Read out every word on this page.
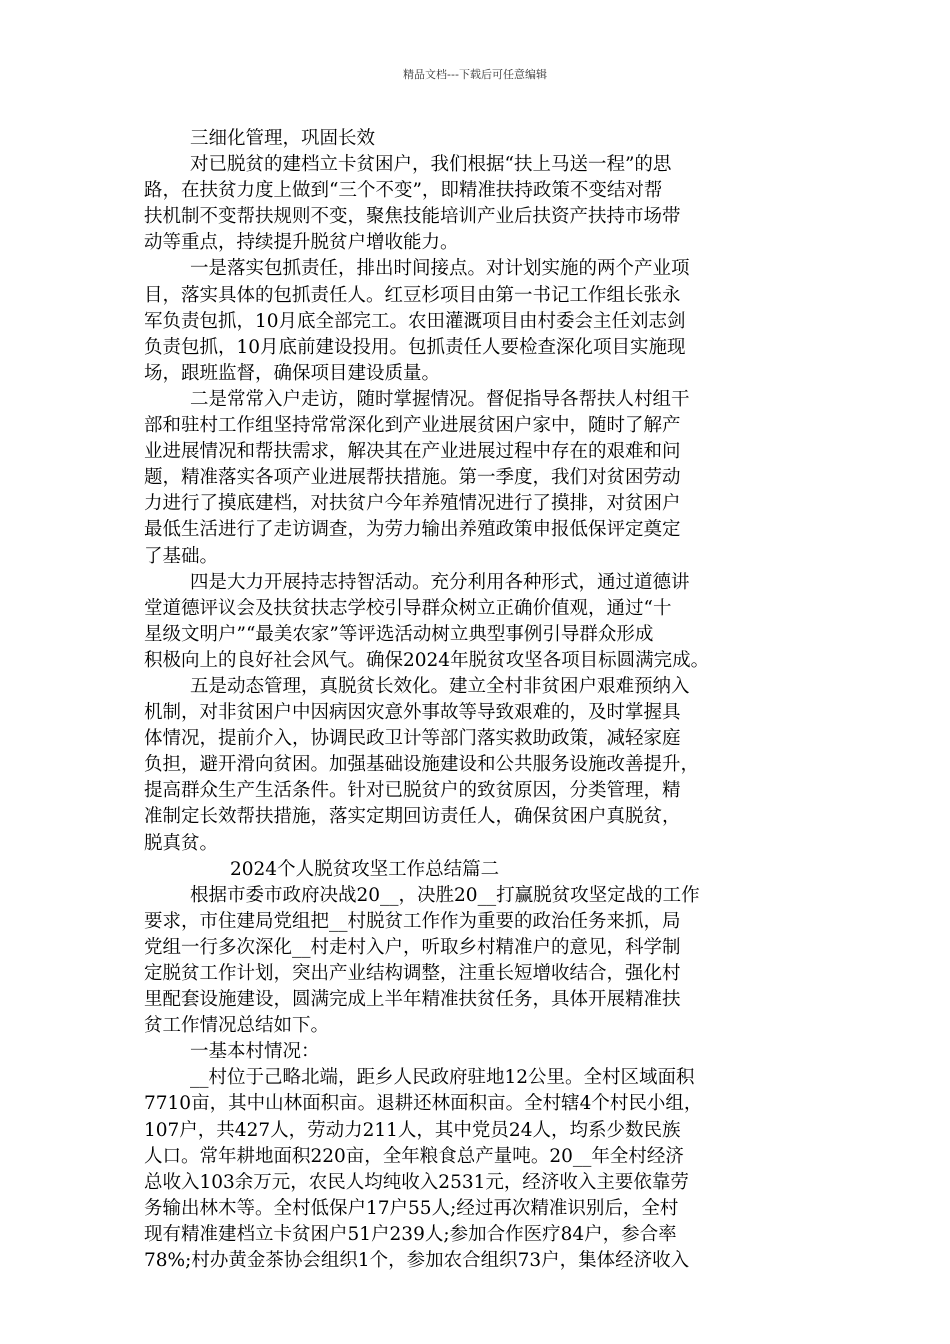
精品文档---下载后可任意编辑
三细化管理，巩固长效
对已脱贫的建档立卡贫困户，我们根据“扶上马送一程”的思
路，在扶贫力度上做到“三个不变”，即精准扶持政策不变结对帮
扶机制不变帮扶规则不变，聚焦技能培训产业后扶资产扶持市场带
动等重点，持续提升脱贫户增收能力。
一是落实包抓责任，排出时间接点。对计划实施的两个产业项
目，落实具体的包抓责任人。红豆杉项目由第一书记工作组长张永
军负责包抓，10月底全部完工。农田灌溉项目由村委会主任刘志剑
负责包抓，10月底前建设投用。包抓责任人要检查深化项目实施现
场，跟班监督，确保项目建设质量。
二是常常入户走访，随时掌握情况。督促指导各帮扶人村组干
部和驻村工作组坚持常常深化到产业进展贫困户家中，随时了解产
业进展情况和帮扶需求，解决其在产业进展过程中存在的艰难和问
题，精准落实各项产业进展帮扶措施。第一季度，我们对贫困劳动
力进行了摸底建档，对扶贫户今年养殖情况进行了摸排，对贫困户
最低生活进行了走访调查，为劳力输出养殖政策申报低保评定奠定
了基础。
四是大力开展持志持智活动。充分利用各种形式，通过道德讲
堂道德评议会及扶贫扶志学校引导群众树立正确价值观，通过“十
星级文明户”“最美农家”等评选活动树立典型事例引导群众形成
积极向上的良好社会风气。确保2024年脱贫攻坚各项目标圆满完成。
五是动态管理，真脱贫长效化。建立全村非贫困户艰难预纳入
机制，对非贫困户中因病因灾意外事故等导致艰难的，及时掌握具
体情况，提前介入，协调民政卫计等部门落实救助政策，减轻家庭
负担，避开滑向贫困。加强基础设施建设和公共服务设施改善提升，
提高群众生产生活条件。针对已脱贫户的致贫原因，分类管理，精
准制定长效帮扶措施，落实定期回访责任人，确保贫困户真脱贫，
脱真贫。
2024个人脱贫攻坚工作总结篇二
根据市委市政府决战20__，决胜20__打赢脱贫攻坚定战的工作
要求，市住建局党组把__村脱贫工作作为重要的政治任务来抓，局
党组一行多次深化__村走村入户，听取乡村精准户的意见，科学制
定脱贫工作计划，突出产业结构调整，注重长短增收结合，强化村
里配套设施建设，圆满完成上半年精准扶贫任务，具体开展精准扶
贫工作情况总结如下。
一基本村情况：
__村位于己略北端，距乡人民政府驻地12公里。全村区域面积
7710亩，其中山林面积亩。退耕还林面积亩。全村辖4个村民小组，
107户，共427人，劳动力211人，其中党员24人，均系少数民族
人口。常年耕地面积220亩，全年粮食总产量吨。20__年全村经济
总收入103余万元，农民人均纯收入2531元，经济收入主要依靠劳
务输出林木等。全村低保户17户55人;经过再次精准识别后，全村
现有精准建档立卡贫困户51户239人;参加合作医疗84户，参合率
78%;村办黄金茶协会组织1个，参加农合组织73户，集体经济收入
